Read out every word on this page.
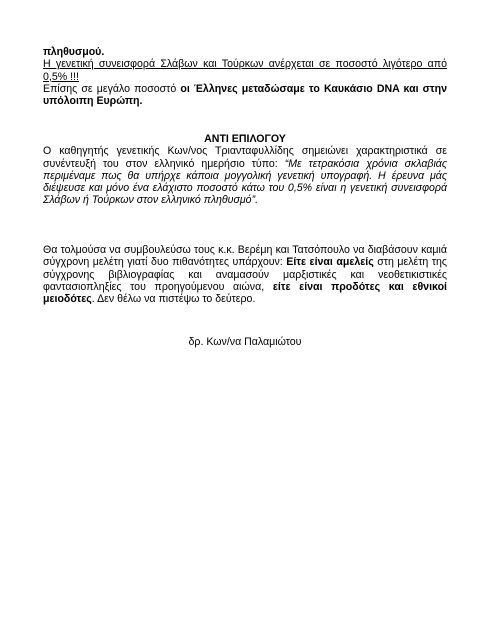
πληθυσμού.

Η γενετική συνεισφορά Σλάβων και Τούρκων ανέρχεται σε ποσοστό λιγότερο από 0,5% !!!

Επίσης σε μεγάλο ποσοστό οι Έλληνες μεταδώσαμε το Καυκάσιο DNA και στην υπόλοιπη Ευρώπη.

ΑΝΤΙ ΕΠΙΛΟΓΟΥ

Ο καθηγητής γενετικής Κων/νος Τριανταφυλλίδης σημειώνει χαρακτηριστικά σε συνέντευξή του στον ελληνικό ημερήσιο τύπο: “Με τετρακόσια χρόνια σκλαβιάς περιμέναμε πως θα υπήρχε κάποια μογγολική γενετική υπογραφή. Η έρευνα μάς διέψευσε και μόνο ένα ελάχιστο ποσοστό κάτω του 0,5% είναι η γενετική συνεισφορά Σλάβων ή Τούρκων στον ελληνικό πληθυσμό”.

Θα τολμούσα να συμβουλεύσω τους κ.κ. Βερέμη και Τατσόπουλο να διαβάσουν καμιά σύγχρονη μελέτη γιατί δυο πιθανότητες υπάρχουν: Είτε είναι αμελείς στη μελέτη της σύγχρονης βιβλιογραφίας και αναμασούν μαρξιστικές και νεοθετικιστικές φαντασιοπληξίες του προηγούμενου αιώνα, είτε είναι προδότες και εθνικοί μειοδότες. Δεν θέλω να πιστέψω το δεύτερο.

δρ. Κων/να Παλαμιώτου
